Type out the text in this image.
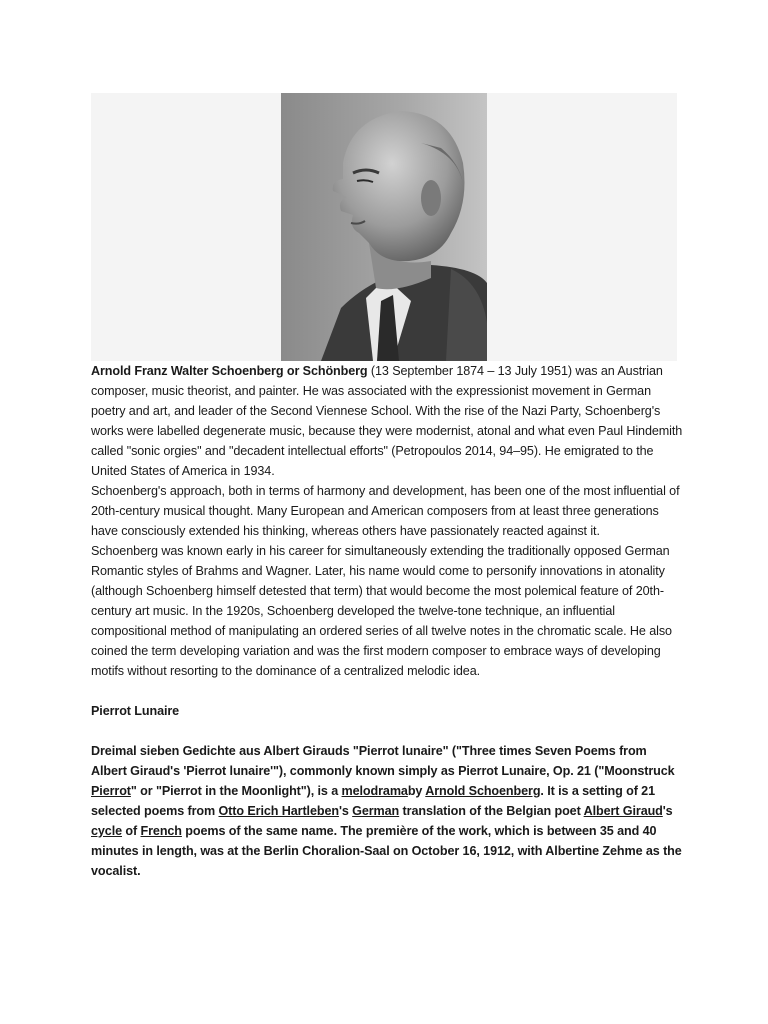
Arnold Franz Walter Schoenberg or Schönberg (13 September 1874 – 13 July 1951) was an Austrian composer, music theorist, and painter. He was associated with the expressionist movement in German poetry and art, and leader of the Second Viennese School. With the rise of the Nazi Party, Schoenberg's works were labelled degenerate music, because they were modernist, atonal and what even Paul Hindemith called "sonic orgies" and "decadent intellectual efforts" (Petropoulos 2014, 94–95). He emigrated to the United States of America in 1934.

Schoenberg's approach, both in terms of harmony and development, has been one of the most influential of 20th-century musical thought. Many European and American composers from at least three generations have consciously extended his thinking, whereas others have passionately reacted against it.

Schoenberg was known early in his career for simultaneously extending the traditionally opposed German Romantic styles of Brahms and Wagner. Later, his name would come to personify innovations in atonality (although Schoenberg himself detested that term) that would become the most polemical feature of 20th-century art music. In the 1920s, Schoenberg developed the twelve-tone technique, an influential compositional method of manipulating an ordered series of all twelve notes in the chromatic scale. He also coined the term developing variation and was the first modern composer to embrace ways of developing motifs without resorting to the dominance of a centralized melodic idea.

Pierrot Lunaire

Dreimal sieben Gedichte aus Albert Girauds "Pierrot lunaire" ("Three times Seven Poems from Albert Giraud's 'Pierrot lunaire'"), commonly known simply as Pierrot Lunaire, Op. 21 ("Moonstruck Pierrot" or "Pierrot in the Moonlight"), is a melodramaby Arnold Schoenberg. It is a setting of 21 selected poems from Otto Erich Hartleben's German translation of the Belgian poet Albert Giraud's cycle of French poems of the same name. The première of the work, which is between 35 and 40 minutes in length, was at the Berlin Choralion-Saal on October 16, 1912, with Albertine Zehme as the vocalist.
